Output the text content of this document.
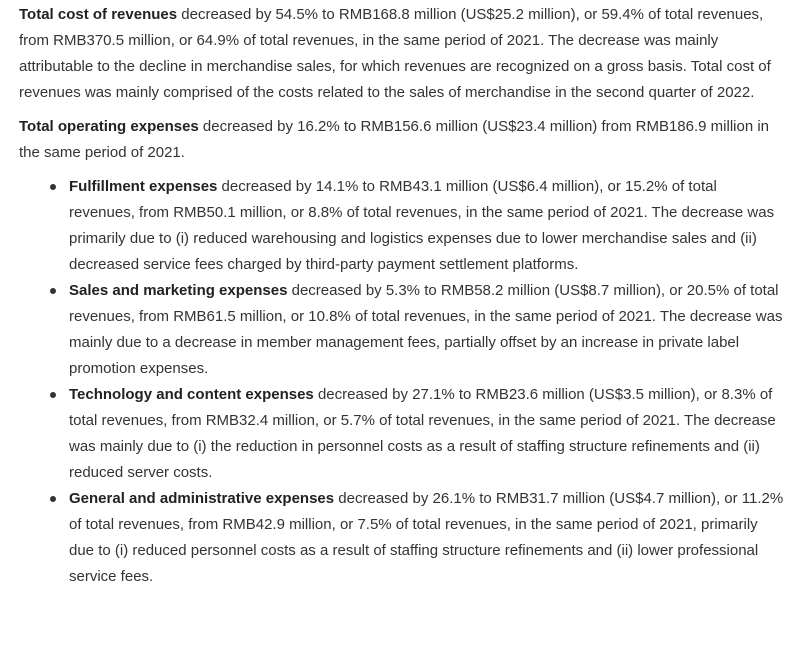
Total cost of revenues decreased by 54.5% to RMB168.8 million (US$25.2 million), or 59.4% of total revenues, from RMB370.5 million, or 64.9% of total revenues, in the same period of 2021. The decrease was mainly attributable to the decline in merchandise sales, for which revenues are recognized on a gross basis. Total cost of revenues was mainly comprised of the costs related to the sales of merchandise in the second quarter of 2022.

Total operating expenses decreased by 16.2% to RMB156.6 million (US$23.4 million) from RMB186.9 million in the same period of 2021.

Fulfillment expenses decreased by 14.1% to RMB43.1 million (US$6.4 million), or 15.2% of total revenues, from RMB50.1 million, or 8.8% of total revenues, in the same period of 2021. The decrease was primarily due to (i) reduced warehousing and logistics expenses due to lower merchandise sales and (ii) decreased service fees charged by third-party payment settlement platforms.
Sales and marketing expenses decreased by 5.3% to RMB58.2 million (US$8.7 million), or 20.5% of total revenues, from RMB61.5 million, or 10.8% of total revenues, in the same period of 2021. The decrease was mainly due to a decrease in member management fees, partially offset by an increase in private label promotion expenses.
Technology and content expenses decreased by 27.1% to RMB23.6 million (US$3.5 million), or 8.3% of total revenues, from RMB32.4 million, or 5.7% of total revenues, in the same period of 2021. The decrease was mainly due to (i) the reduction in personnel costs as a result of staffing structure refinements and (ii) reduced server costs.
General and administrative expenses decreased by 26.1% to RMB31.7 million (US$4.7 million), or 11.2% of total revenues, from RMB42.9 million, or 7.5% of total revenues, in the same period of 2021, primarily due to (i) reduced personnel costs as a result of staffing structure refinements and (ii) lower professional service fees.
